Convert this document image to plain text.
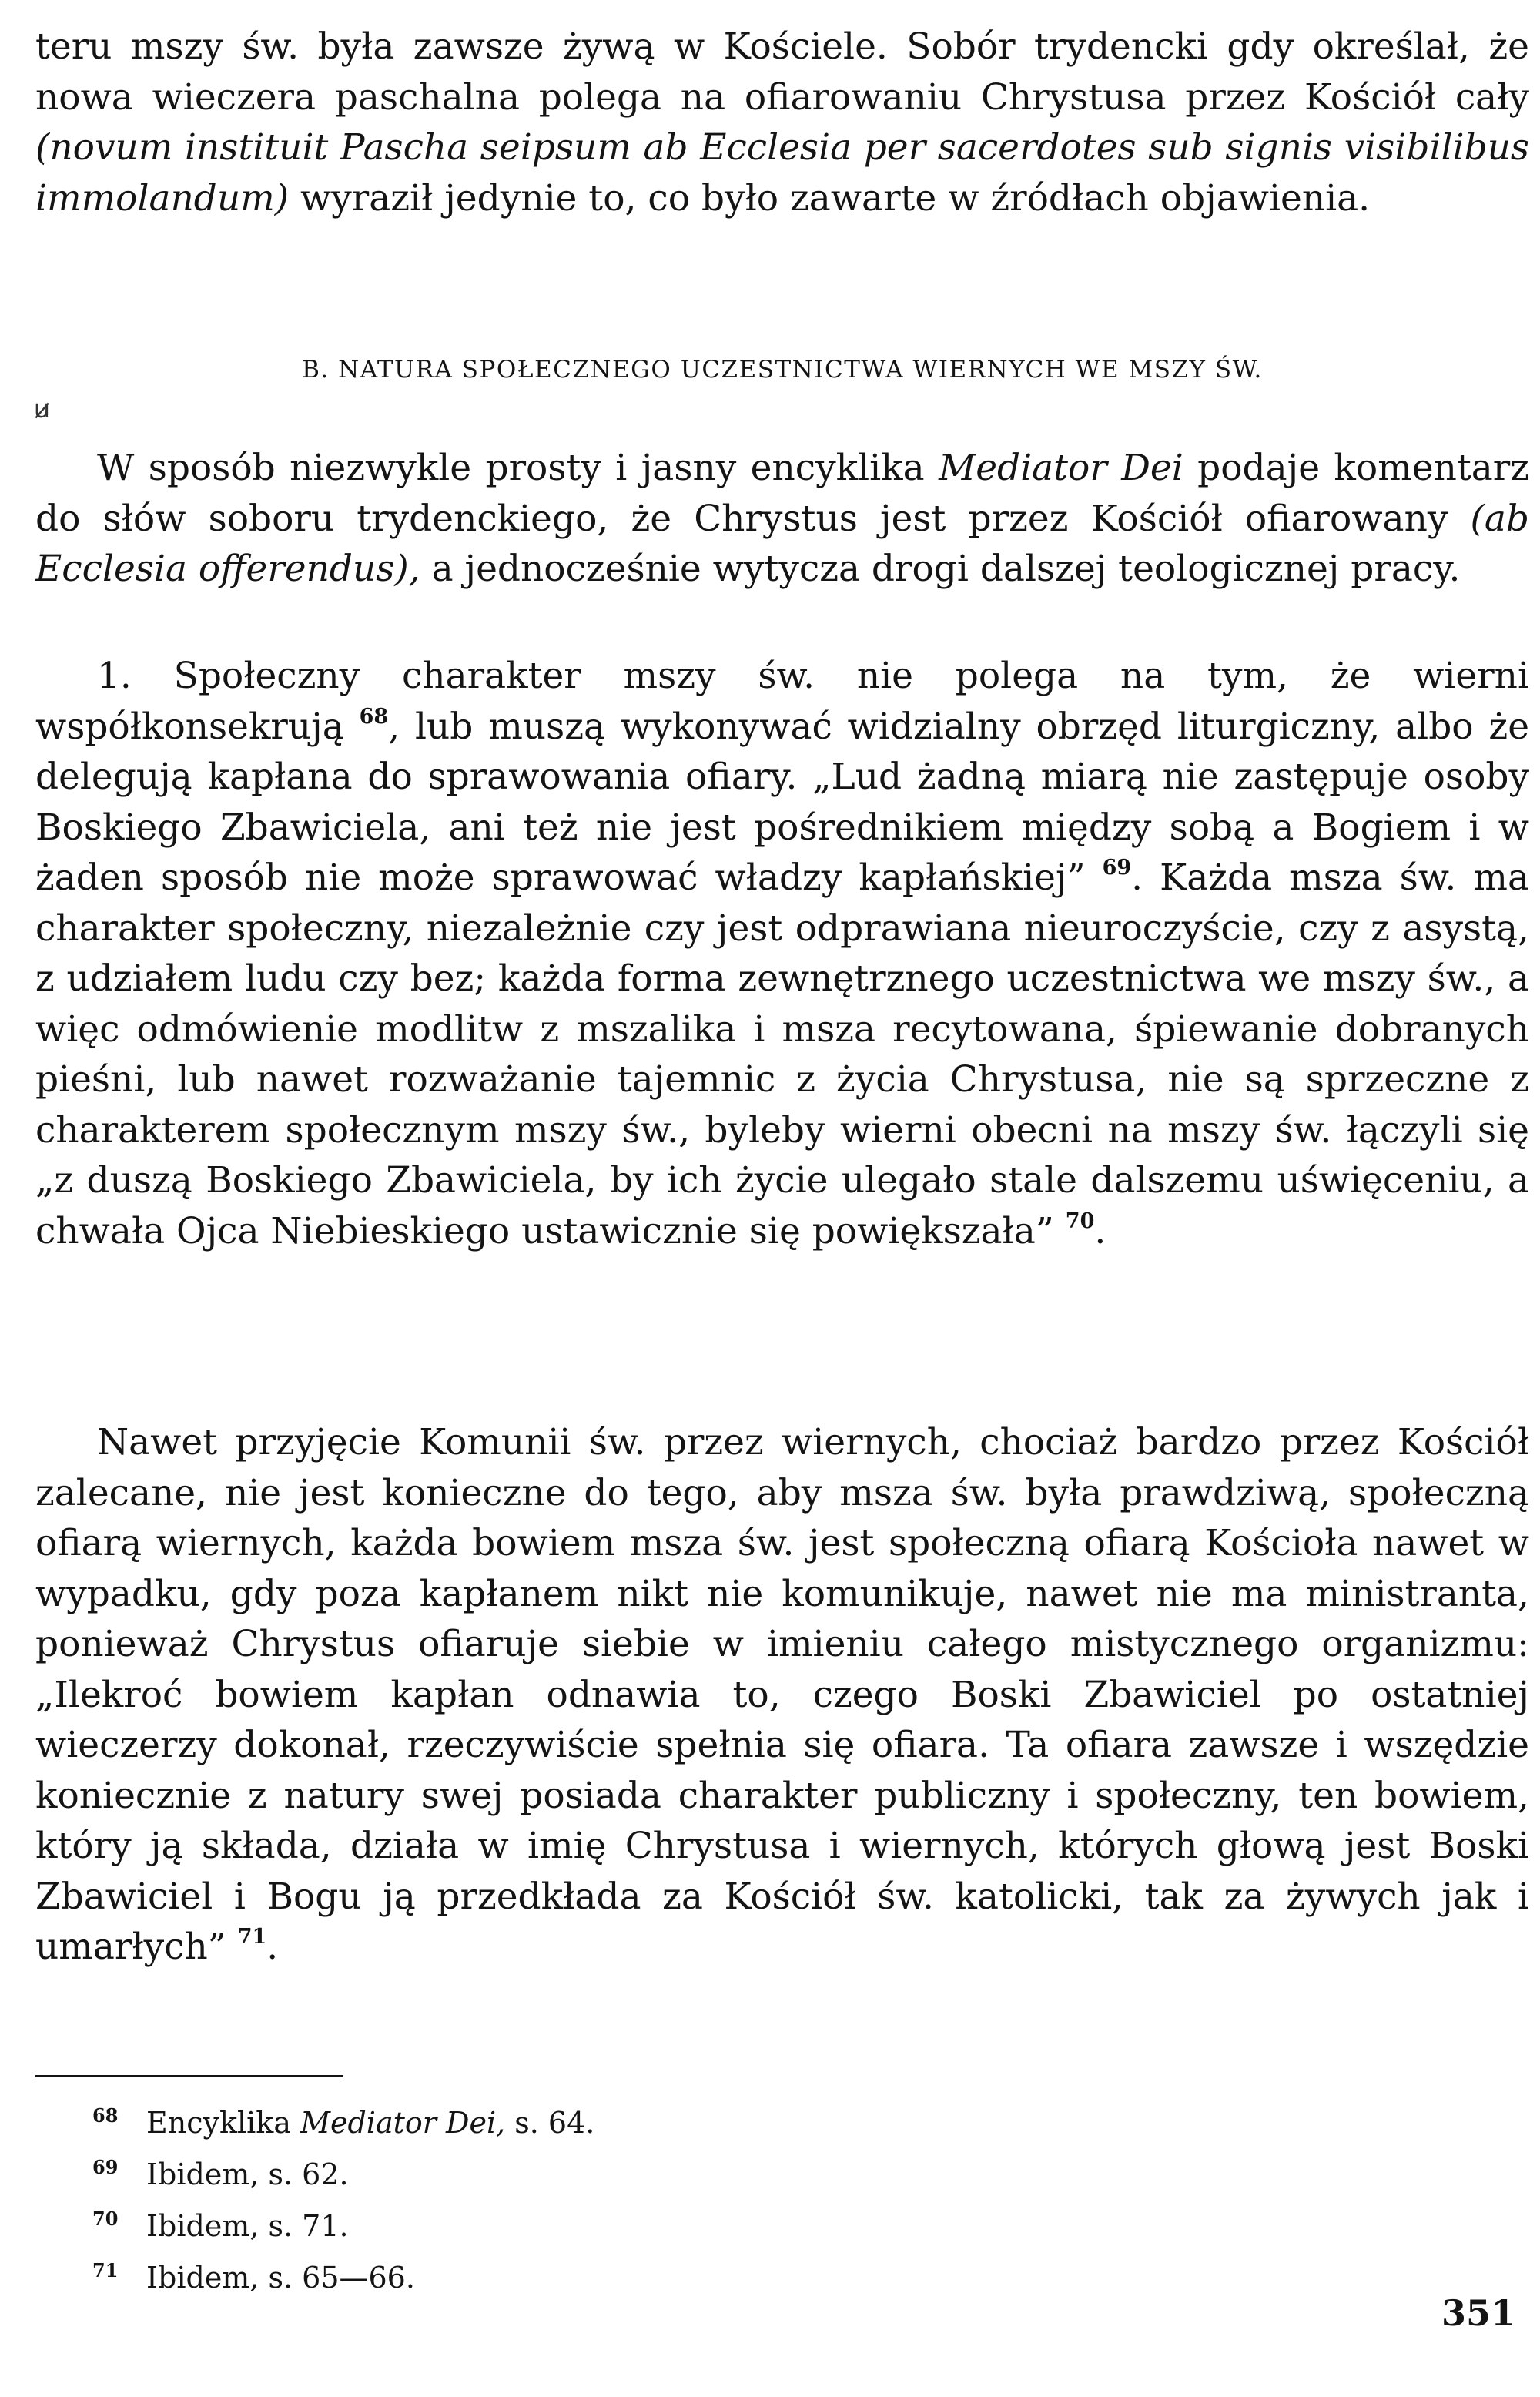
teru mszy św. była zawsze żywą w Kościele. Sobór trydencki gdy określał, że nowa wieczera paschalna polega na ofiarowaniu Chrystusa przez Kościół cały (novum instituit Pascha seipsum ab Ecclesia per sacerdotes sub signis visibilibus immolandum) wyraził jedynie to, co było zawarte w źródłach objawienia.

B. NATURA SPOŁECZNEGO UCZESTNICTWA WIERNYCH WE MSZY ŚW.
ꞹ

W sposób niezwykle prosty i jasny encyklika Mediator Dei podaje komentarz do słów soboru trydenckiego, że Chrystus jest przez Kościół ofiarowany (ab Ecclesia offerendus), a jednocześnie wytycza drogi dalszej teologicznej pracy.

1. Społeczny charakter mszy św. nie polega na tym, że wierni współkonsekrują $^{68}$, lub muszą wykonywać widzialny obrzęd liturgiczny, albo że delegują kapłana do sprawowania ofiary. „Lud żadną miarą nie zastępuje osoby Boskiego Zbawiciela, ani też nie jest pośrednikiem między sobą a Bogiem i w żaden sposób nie może sprawować władzy kapłańskiej” $^{69}$. Każda msza św. ma charakter społeczny, niezależnie czy jest odprawiana nieuroczyście, czy z asystą, z udziałem ludu czy bez; każda forma zewnętrznego uczestnictwa we mszy św., a więc odmówienie modlitw z mszalika i msza recytowana, śpiewanie dobranych pieśni, lub nawet rozważanie tajemnic z życia Chrystusa, nie są sprzeczne z charakterem społecznym mszy św., byleby wierni obecni na mszy św. łączyli się „z duszą Boskiego Zbawiciela, by ich życie ulegało stale dalszemu uświęceniu, a chwała Ojca Niebieskiego ustawicznie się powiększała” $^{70}$.

Nawet przyjęcie Komunii św. przez wiernych, chociaż bardzo przez Kościół zalecane, nie jest konieczne do tego, aby msza św. była prawdziwą, społeczną ofiarą wiernych, każda bowiem msza św. jest społeczną ofiarą Kościoła nawet w wypadku, gdy poza kapłanem nikt nie komunikuje, nawet nie ma ministranta, ponieważ Chrystus ofiaruje siebie w imieniu całego mistycznego organizmu: „Ilekroć bowiem kapłan odnawia to, czego Boski Zbawiciel po ostatniej wieczerzy dokonał, rzeczywiście spełnia się ofiara. Ta ofiara zawsze i wszędzie koniecznie z natury swej posiada charakter publiczny i społeczny, ten bowiem, który ją składa, działa w imię Chrystusa i wiernych, których głową jest Boski Zbawiciel i Bogu ją przedkłada za Kościół św. katolicki, tak za żywych jak i umarłych” $^{71}$.

68 Encyklika Mediator Dei, s. 64.
69 Ibidem, s. 62.
70 Ibidem, s. 71.
71 Ibidem, s. 65—66.
351
